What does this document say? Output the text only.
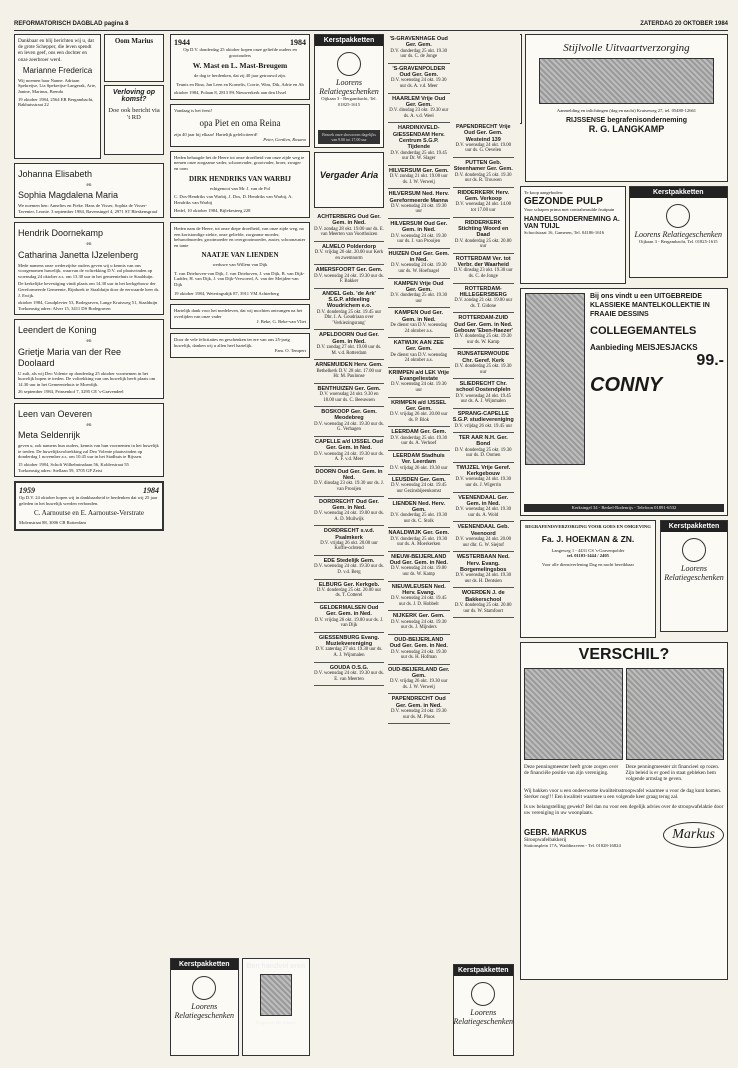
REFORMATORISCH DAGBLAD pagina 8	ZATERDAG 20 OKTOBER 1984
Dankbaar en blij berichten wij u, dat de grote Schepper, die leven spendt en leven geef, ons een dochter en onze zeerbroer werd.
Marianne Frederica
Wij noemen haar Nanne. Adriaan Spekreijse, Lia Spekreijse-Langerak, Arie, Janine, Marinus, Brenda
19 oktober 1984, 2564 ER Bergambacht, Bakhuisstraat 22
Oom Marius
Verloving op komst?
Doe ook bericht via 't RD
Johanna Elisabeth
en
Sophia Magdalena Maria
We noemen hen: Annelies en Fieke. Hans de Visser, Sophia de Visser-Tavenier, Leonie. 3 september 1984, Ravensingel 4, 2971 ST Bleskensgraaf
Hendrik Doornekamp
en
Catharina Janetta IJzelenberg
Mede namens onze wederzijdse ouders geven wij u kennis van ons voorgenomen huwelijk, waarvan de voltrekking D.V. zal plaatsvinden op woensdag 24 oktober a.s. om 13.30 uur in het gemeentehuis te Staalduijn.
De kerkelijke bevestiging vindt plaats om 14.30 uur in het kerkgebouw der Gereformeerde Gemeente, Rijnhoek te Staalduijn door de eerwaarde heer ds. J. Ewijk.
oktober 1984, Goudplevier 53, Bodegraven, Lange Kruisweg 51, Staalduijn
Toekomstig adres: Alver 15, 3411 DS Bodegraven
Leendert de Koning
en
Grietje Maria van der Ree Doolaard
U zult, als wij Deo Volente op donderdag 25 oktober voornemen in het huwelijk hopen te treden. De voltrekking van ons huwelijk heeft plaats om 14.30 uur in het Gemeentehuis te Moerdijk.
26 september 1984, Prinsenhof 7, 3295 CE 's-Gravendeel
Leen van Oeveren
en
Meta Seldenrijk
geven u, ook namens hun ouders, kennis van hun voornemen in het huwelijk te treden. De huwelijksvoltrekking zal Deo Volente plaatsvinden op donderdag 1 november a.s. om 10.45 uur in het Stadhuis te Rijssen.
15 oktober 1984, Scholt Wilhelminalaan 56, Kolderstraat 55
Toekomstig adres: Stellaan 59, 3705 GP Zeist
1959	1984
Op D.V. 24 oktober hopen wij in dankbaarheid te herdenken dat wij 25 jaar geleden in het huwelijk werden verbonden.
C. Aarnoutse en E. Aarnoutse-Verstrate
Molenstraat 88, 3006 CB Rotterdam
1944	1984
Op D.V. donderdag 25 oktober hopen onze geliefde ouders en grootouders
W. Mast en L. Mast-Breugem
de dag te herdenken, dat zij 40 jaar getrouwd zijn.
Teunis en Rina, Jan Leen en Kornelis, Corrie, Wim, Dik, Adrie en Ab
oktober 1984, Polaan 8, 2813 PA Nieuwerkerk aan den IJssel
Vandaag is het feest!
opa Piet en oma Reina
zijn 40 jaar bij elkaar! Hartelijk gefeliciteerd!
Peter, Gerdien, Rosano
Heden behaagde het de Heere tot onze droefheid van onze zijde weg te nemen onze zorgzame vader, schoonvader, grootvader, broer, zwager en oom
DIRK HENDRIKS VAN WARBIJ
echtgenoot van Mr. J. van de Pol
C. Dos-Hendriks van Warbij, J. Dos, D. Hendriks van Warbij, A. Hendriks van Warbij
Hedel, 10 oktober 1984, Bijlekesteeg 228
Heden nam de Heere, tot onze diepe droefheid, van onze zijde weg, na een kortstondige ziekte, onze geliefde, zorgzame moeder, behuwdmoeder, grootmoeder en overgrootmoeder, zuster, schoonzuster en tante
NAATJE VAN LIENDEN
weduwe van Willem van Dijk
T. van Driehoven-van Dijk, J. van Driehoven, J. van Dijk, B. van Dijk-Ludder, H. van Dijk, J. van Dijk-Verwoerd, A. van der Meijden-van Dijk
19 oktober 1984, Weteringsdijk 87, 3911 VM Achterberg
Hartelijk dank voor het medeleven, dat wij mochten ontvangen na het overlijden van onze vader
J. Beke, G. Beke-van Vliet
Door de vele felicitaties en geschenken ter ere van ons 25-jarig huwelijk, danken wij u allen heel hartelijk.
Fam. O. Tempert
Kerstpakketten
Loorens Relatiegeschenken
Ben handvol eren
Uitgeverij De Schans
Kerstpakketten
Loorens Relatiegeschenken
Oijkaan 3 - Bergambacht, Tel. 01825-1615
Bezoek onze showroom dagelijks van 9.00 tot 17.00 uur
Vergader Aria
ACHTERBERG Oud Ger. Gem. in Ned.
D.V. zondag 28 okt. 19.00 uur ds. E. van Meerten van Voorthuizen
ALMELO Polderdorp
D.V. vrijdag 26 okt. 20.00 uur Kerk en zwemnorm
AMERSFOORT Ger. Gem.
D.V. woensdag 24 okt. 19.30 uur ds. F. Bakker
ANDEL Geb. 'de Ark' S.G.P. afdeeling Woudrichem e.o.
D.V. donderdag 25 okt. 19.45 uur Dhr. I. A. Goudriaan over 'Verkiezingsrang'
APELDOORN Oud Ger. Gem. in Ned.
D.V. zondag 27 okt. 19.00 uur ds. M. v.d. Rotterdam
ARNEMUIDEN Herv. Gem.
Bethelkerk D.V. 28 okt. 17.00 uur Hr. M. Paulonse
BENTHUIZEN Ger. Gem.
D.V. woensdag 24 okt. 9.30 en 18.00 uur ds. C. Beeuwsen
BOSKOOP Ger. Gem. Meodebreg
D.V. woensdag 24 okt. 19.30 uur ds. G. Verhagen
CAPELLE a/d IJSSEL Oud Ger. Gem. in Ned.
D.V. woensdag 24 okt. 19.30 uur ds. A. F. v.d. Meer
DOORN Oud Ger. Gem. in Ned.
D.V. dinsdag 23 okt. 19.30 uur ds. J. van Prooijen
DORDRECHT Oud Ger. Gem. in Ned.
D.V. woensdag 24 okt. 19.00 uur ds. A. D. Muilwijk
DORDRECHT s.v.d. Psalmkerk
D.V. vrijdag 26 okt. 20.00 uur Koffie-ochtend
EDE Stedelijk Gem.
D.V. woensdag 24 okt. 19.30 uur ds. D. v.d. Berg
ELBURG Ger. Kerkgeb.
D.V. donderdag 25 okt. 20.00 uur ds. T. Cotterel
GELDERMALSEN Oud Ger. Gem. in Ned.
D.V. vrijdag 26 okt. 19.00 uur ds. J. van Dijk
GIESSENBURG Evang. Muziekvereniging
D.V. zaterdag 27 okt. 19.30 uur ds. A. J. Wijnmalen
GOUDA O.S.G.
D.V. woensdag 24 okt. 19.30 uur ds. E. van Meerten
'S-GRAVENHAGE Oud Ger. Gem.
D.V. donderdag 25 okt. 19.30 uur ds. C. de Jonge
'S-GRAVENPOLDER Oud Ger. Gem.
D.V. woensdag 24 okt. 19.30 uur ds. A. v.d. Meer
HAARLEM Vrije Oud Ger. Gem.
D.V. dinsdag 23 okt. 19.30 uur ds. A. v.d. Weel
HARDINXVELD-GIESSENDAM Herv. Centrum S.G.P. Tijdende
D.V. donderdag 25 okt. 19.45 uur Dr. W. Slager
HILVERSUM Ger. Gem.
D.V. zondag 21 okt. 19.00 uur ds. J. W. Verweij
HILVERSUM Ned. Herv. Gereformeerde Manna
D.V. woensdag 24 okt. 19.30 uur
HILVERSUM Oud Ger. Gem. in Ned.
D.V. woensdag 24 okt. 19.30 uur ds. J. van Prooijen
HUIZEN Oud Ger. Gem. in Ned.
D.V. woensdag 24 okt. 19.30 uur ds. W. Hoefnagel
KAMPEN Vrije Oud Ger. Gem.
D.V. donderdag 25 okt. 19.30 uur
KAMPEN Oud Ger. Gem. in Ned.
De dienst van D.V. woensdag 24 oktober a.s.
KATWIJK AAN ZEE Ger. Gem.
De dienst van D.V. woensdag 24 oktober a.s.
KRIMPEN a/d LEK Vrije Evangeliestate
D.V. woensdag 24 okt. 19.30 uur
KRIMPEN a/d IJSSEL Ger. Gem.
D.V. vrijdag 26 okt. 20.00 uur ds. P. Blok
LEERDAM Ger. Gem.
D.V. donderdag 25 okt. 19.30 uur ds. A. Verhoef
LEERDAM Stadhuis Ver. Leerdam
D.V. vrijdag 26 okt. 19.30 uur
LEUSDEN Ger. Gem.
D.V. woensdag 24 okt. 19.45 uur Gezinsbijeenkomst
LIENDEN Ned. Herv. Gem.
D.V. donderdag 25 okt. 19.30 uur ds. C. Stolk
NAALDWIJK Ger. Gem.
D.V. donderdag 25 okt. 19.30 uur ds. A. Moerkerken
NIEUW-BEIJERLAND Oud Ger. Gem. in Ned.
D.V. woensdag 24 okt. 19.00 uur ds. W. Kamp
NIEUWLEUSEN Ned. Herv. Evang.
D.V. woensdag 24 okt. 19.45 uur ds. J. D. Hobbelt
NIJKERK Ger. Gem.
D.V. woensdag 24 okt. 19.30 uur ds. J. Mijnders
OUD-BEIJERLAND Oud Ger. Gem. in Ned.
D.V. woensdag 24 okt. 19.30 uur ds. H. Hofman
OUD-BEIJERLAND Ger. Gem.
D.V. vrijdag 26 okt. 19.30 uur ds. J. W. Verweij
PAPENDRECHT Oud Ger. Gem. in Ned.
D.V. woensdag 24 okt. 19.30 uur ds. M. Ploos
PAPENDRECHT Vrije Oud Ger. Gem. Westeind 139
D.V. woensdag 24 okt. 19.00 uur ds. G. Oevelen
PUTTEN Geb. Steenhamer Ger. Gem.
D.V. donderdag 25 okt. 19.30 uur ds. R. Trouwen
RIDDERKERK Herv. Gem. Verkoop
D.V. woensdag 24 okt. 14.00 tot 17.00 uur
RIDDERKERK Stichting Woord en Daad
D.V. donderdag 25 okt. 20.00 uur
ROTTERDAM Ver. tot Verbr. der Waarheid
D.V. dinsdag 23 okt. 19.30 uur ds. C. de Jonge
ROTTERDAM-HILLEGERSBERG
D.V. zondag 21 okt. 19.00 uur ds. T. Gidone
ROTTERDAM-ZUID Oud Ger. Gem. in Ned. Gebouw 'Eben-Haezer'
D.V. donderdag 25 okt. 19.30 uur ds. W. Kamp
RIJNSATERWOUDE Chr. Geref. Kerk
D.V. donderdag 25 okt. 19.30 uur
SLIEDRECHT Chr. school Oostendpleln
D.V. woensdag 24 okt. 19.45 uur ds. A. J. Wijnmalen
SPRANG-CAPELLE S.G.P. studievereniging
D.V. vrijdag 26 okt. 19.45 uur
TER AAR N.H. Ger. Bond
D.V. donderdag 25 okt. 19.30 uur ds. D. Oomen
TWIJZEL Vrije Geref. Kerkgebouw
D.V. woensdag 24 okt. 19.30 uur ds. J. Wigerrin
VEENENDAAL Ger. Gem. in Ned.
D.V. woensdag 24 okt. 19.30 uur ds. A. Wold
VEENENDAAL Geb. Veenoord
D.V. woensdag 24 okt. 20.00 uur dhr. G. W. Siejtof
WESTERBAAN Ned. Herv. Evang. Borgemelingsbos
D.V. woensdag 24 okt. 19.30 uur ds. H. Dentsien
WOERDEN J. de Bakkerschool
D.V. donderdag 25 okt. 20.00 uur ds. W. Stamfoort
Kerstpakketten
Loorens Relatiegeschenken
Stijlvolle Uitvaartverzorging
Aanmelding en inlichtingen (dag en nacht) Kruiseweg 27, tel. 05480-12661
RIJSSENSE begrafenisonderneming
R. G. LANGKAMP
Te koop aangeboden:
GEZONDE PULP
Voor schapen prima met contraheraulde fruitpuin
HANDELSONDERNEMING A. VAN TUIJL
Schoolstraat 16, Gameren, Tel. 04186-1616
Kerstpakketten
Loorens Relatiegeschenken
Oijkaan 3 - Bergambacht, Tel. 01825-1615
Bij ons vindt u een UITGEBREIDE KLASSIEKE MANTELKOLLEKTIE IN FRAAIE DESSINS
COLLEGEMANTELS
Aanbieding MEISJESJACKS
99.-
CONNY
Kerksingel 34 - Berkel-Rodenrijs - Telefoon 01891-6532
BEGRAFENISVERZORGING VOOR GOES EN OMGEVING
Fa. J. HOEKMAN & ZN.
Langeweg 1 - 4431 CS 's-Gravenpolder
tel. 01103-1444 / 2405
Voor alle dienstverlening Dag en nacht bereikbaar
Kerstpakketten
Loorens Relatiegeschenken
VERSCHIL?
Deze penningmeester heeft grote zorgen over de financiële positie van zijn vereniging.
Deze penningmeester zit financieel op rozen. Zijn beleid is er goed in staat gebleken hem volgende armslag te geven.
Wij bakken voor u een ondeerwetse kwaliteitsstroopwafel waarmee u voor de dag kunt komen. Sterker nog!!! Een kwaliteit waarmee u een volgende keer graag terug zal.
Is uw belangstelling gewekt? Bel dan nu voor een degelijk advies over de stroopwafelaktie door uw vereniging in uw woonplaats.
GEBR. MARKUS
Siroopwafelbakkerij
Stationsplein 17A, Waddinxveen - Tel. 01828-16824
Markus
